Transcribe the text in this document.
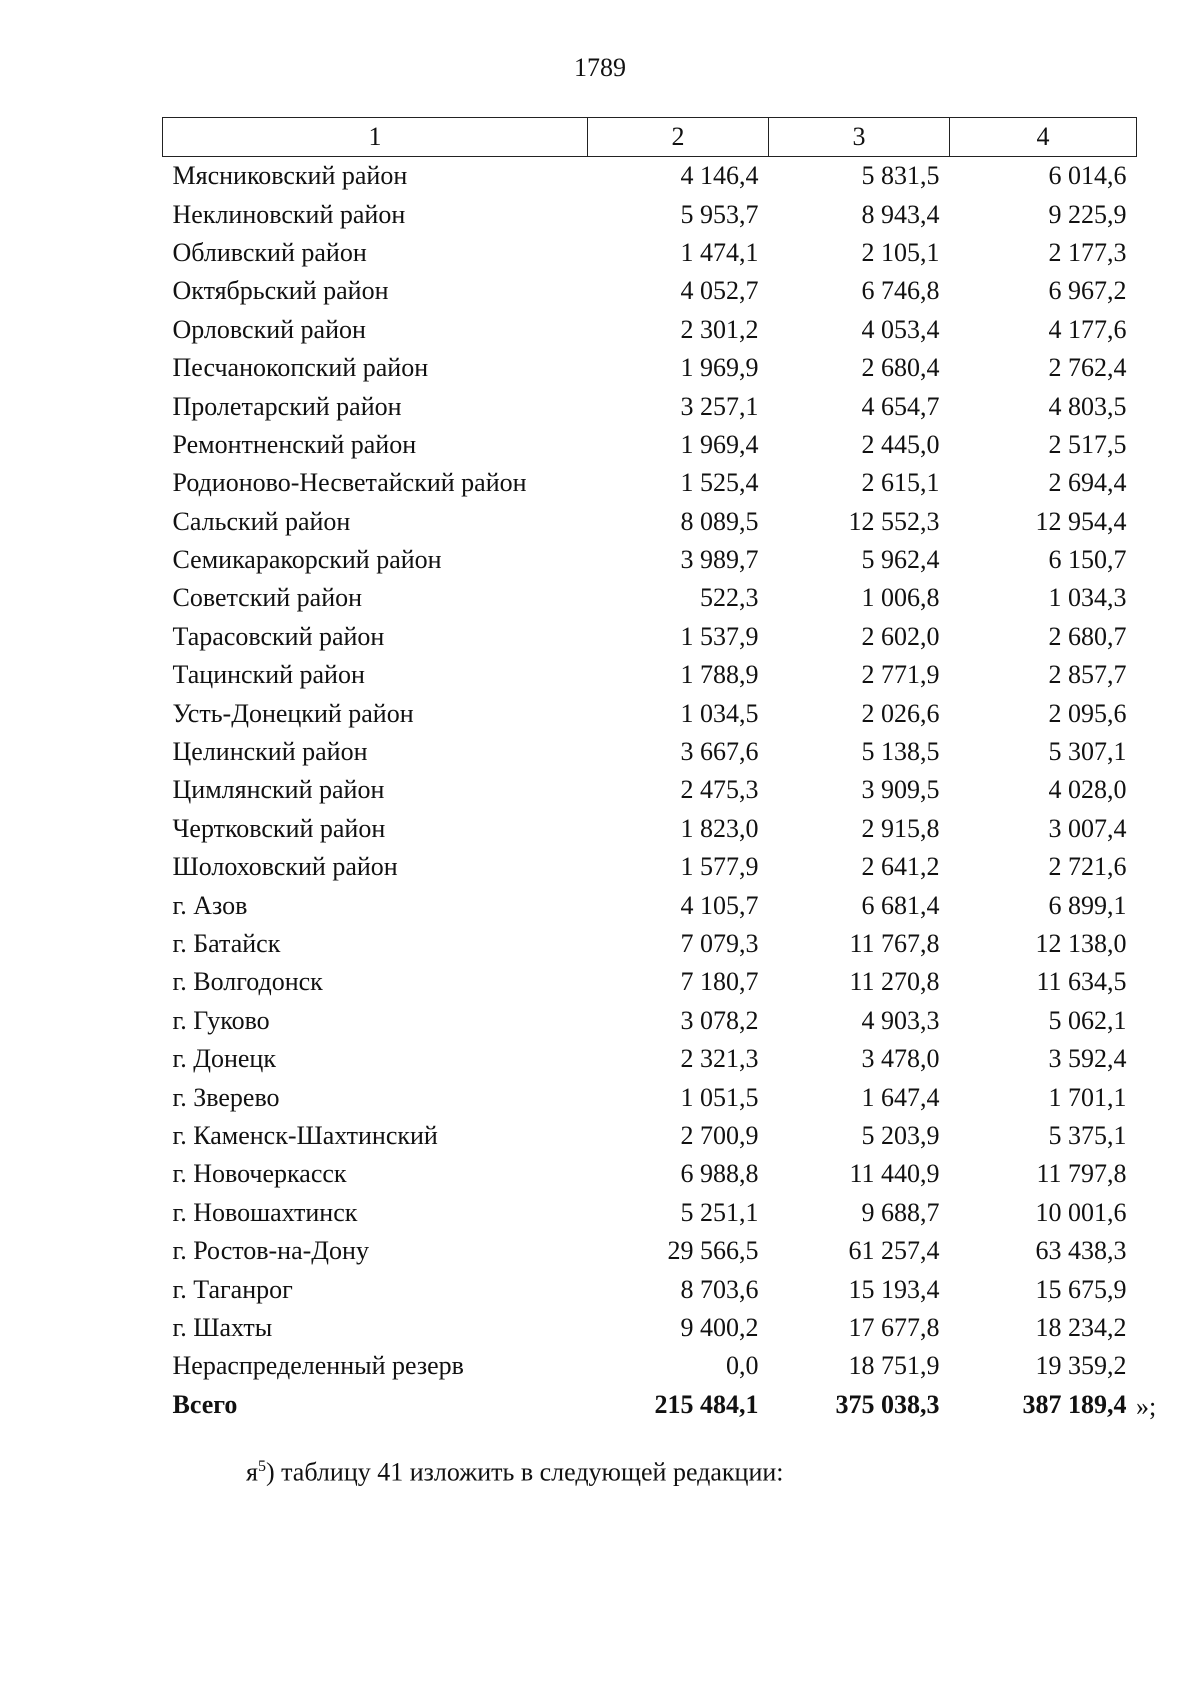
1789
1	2	3	4
Мясниковский район	4 146,4	5 831,5	6 014,6
Неклиновский район	5 953,7	8 943,4	9 225,9
Обливский район	1 474,1	2 105,1	2 177,3
Октябрьский район	4 052,7	6 746,8	6 967,2
Орловский район	2 301,2	4 053,4	4 177,6
Песчанокопский район	1 969,9	2 680,4	2 762,4
Пролетарский район	3 257,1	4 654,7	4 803,5
Ремонтненский район	1 969,4	2 445,0	2 517,5
Родионово-Несветайский район	1 525,4	2 615,1	2 694,4
Сальский район	8 089,5	12 552,3	12 954,4
Семикаракорский район	3 989,7	5 962,4	6 150,7
Советский район	522,3	1 006,8	1 034,3
Тарасовский район	1 537,9	2 602,0	2 680,7
Тацинский район	1 788,9	2 771,9	2 857,7
Усть-Донецкий район	1 034,5	2 026,6	2 095,6
Целинский район	3 667,6	5 138,5	5 307,1
Цимлянский район	2 475,3	3 909,5	4 028,0
Чертковский район	1 823,0	2 915,8	3 007,4
Шолоховский район	1 577,9	2 641,2	2 721,6
г. Азов	4 105,7	6 681,4	6 899,1
г. Батайск	7 079,3	11 767,8	12 138,0
г. Волгодонск	7 180,7	11 270,8	11 634,5
г. Гуково	3 078,2	4 903,3	5 062,1
г. Донецк	2 321,3	3 478,0	3 592,4
г. Зверево	1 051,5	1 647,4	1 701,1
г. Каменск-Шахтинский	2 700,9	5 203,9	5 375,1
г. Новочеркасск	6 988,8	11 440,9	11 797,8
г. Новошахтинск	5 251,1	9 688,7	10 001,6
г. Ростов-на-Дону	29 566,5	61 257,4	63 438,3
г. Таганрог	8 703,6	15 193,4	15 675,9
г. Шахты	9 400,2	17 677,8	18 234,2
Нераспределенный резерв	0,0	18 751,9	19 359,2
Всего	215 484,1	375 038,3	387 189,4 »;
$я^5$) таблицу 41 изложить в следующей редакции:
